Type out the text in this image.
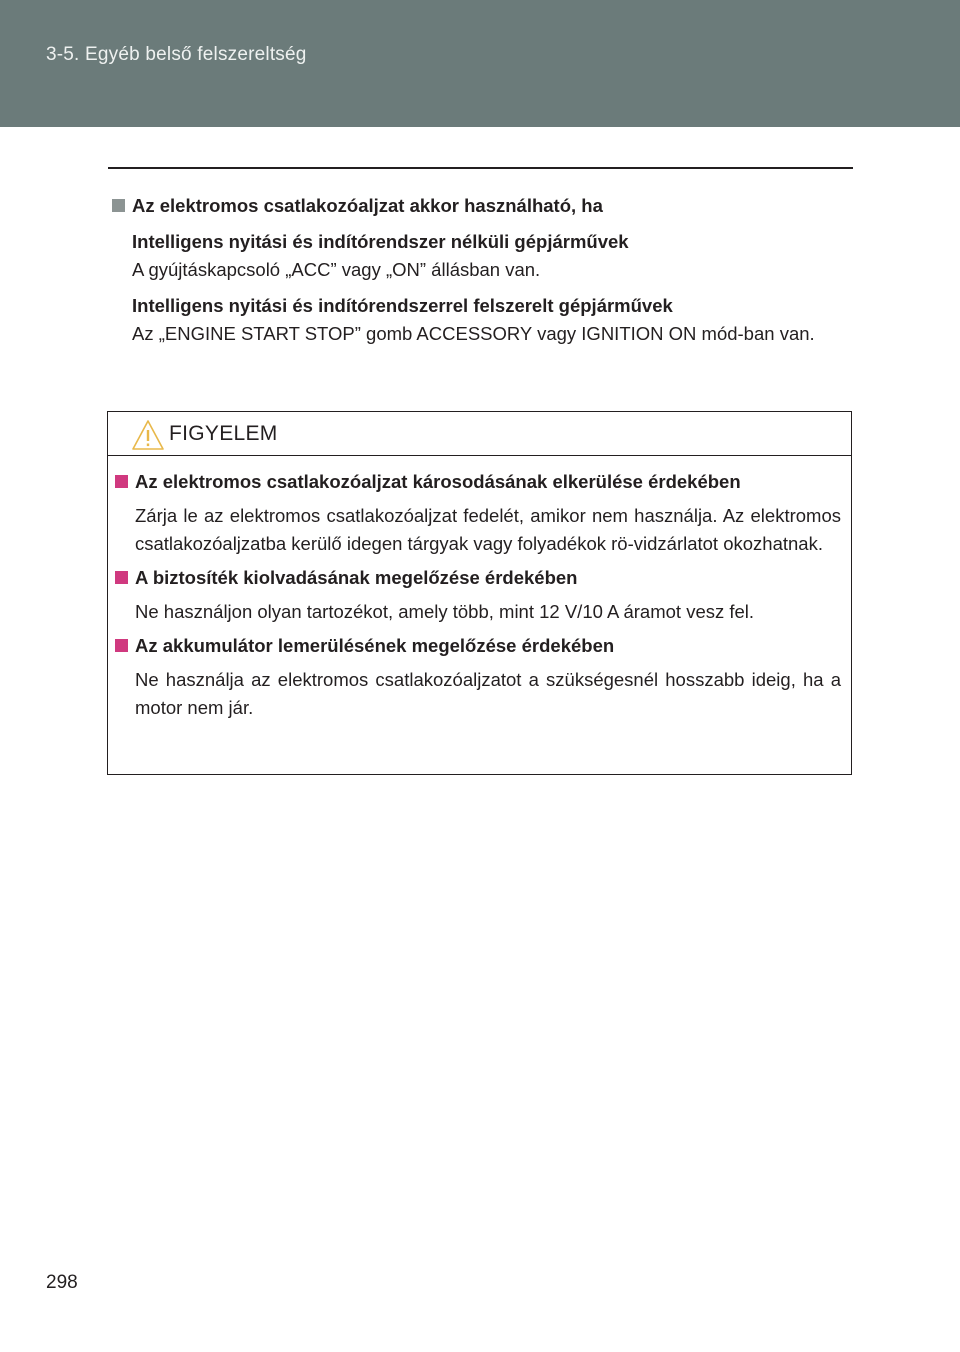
3-5. Egyéb belső felszereltség
Az elektromos csatlakozóaljzat akkor használható, ha
Intelligens nyitási és indítórendszer nélküli gépjárművek
A gyújtáskapcsoló „ACC” vagy „ON” állásban van.
Intelligens nyitási és indítórendszerrel felszerelt gépjárművek
Az „ENGINE START STOP” gomb ACCESSORY vagy IGNITION ON mód-ban van.
FIGYELEM
Az elektromos csatlakozóaljzat károsodásának elkerülése érdekében
Zárja le az elektromos csatlakozóaljzat fedelét, amikor nem használja. Az elektromos csatlakozóaljzatba kerülő idegen tárgyak vagy folyadékok rö-vidzárlatot okozhatnak.
A biztosíték kiolvadásának megelőzése érdekében
Ne használjon olyan tartozékot, amely több, mint 12 V/10 A áramot vesz fel.
Az akkumulátor lemerülésének megelőzése érdekében
Ne használja az elektromos csatlakozóaljzatot a szükségesnél hosszabb ideig, ha a motor nem jár.
298
